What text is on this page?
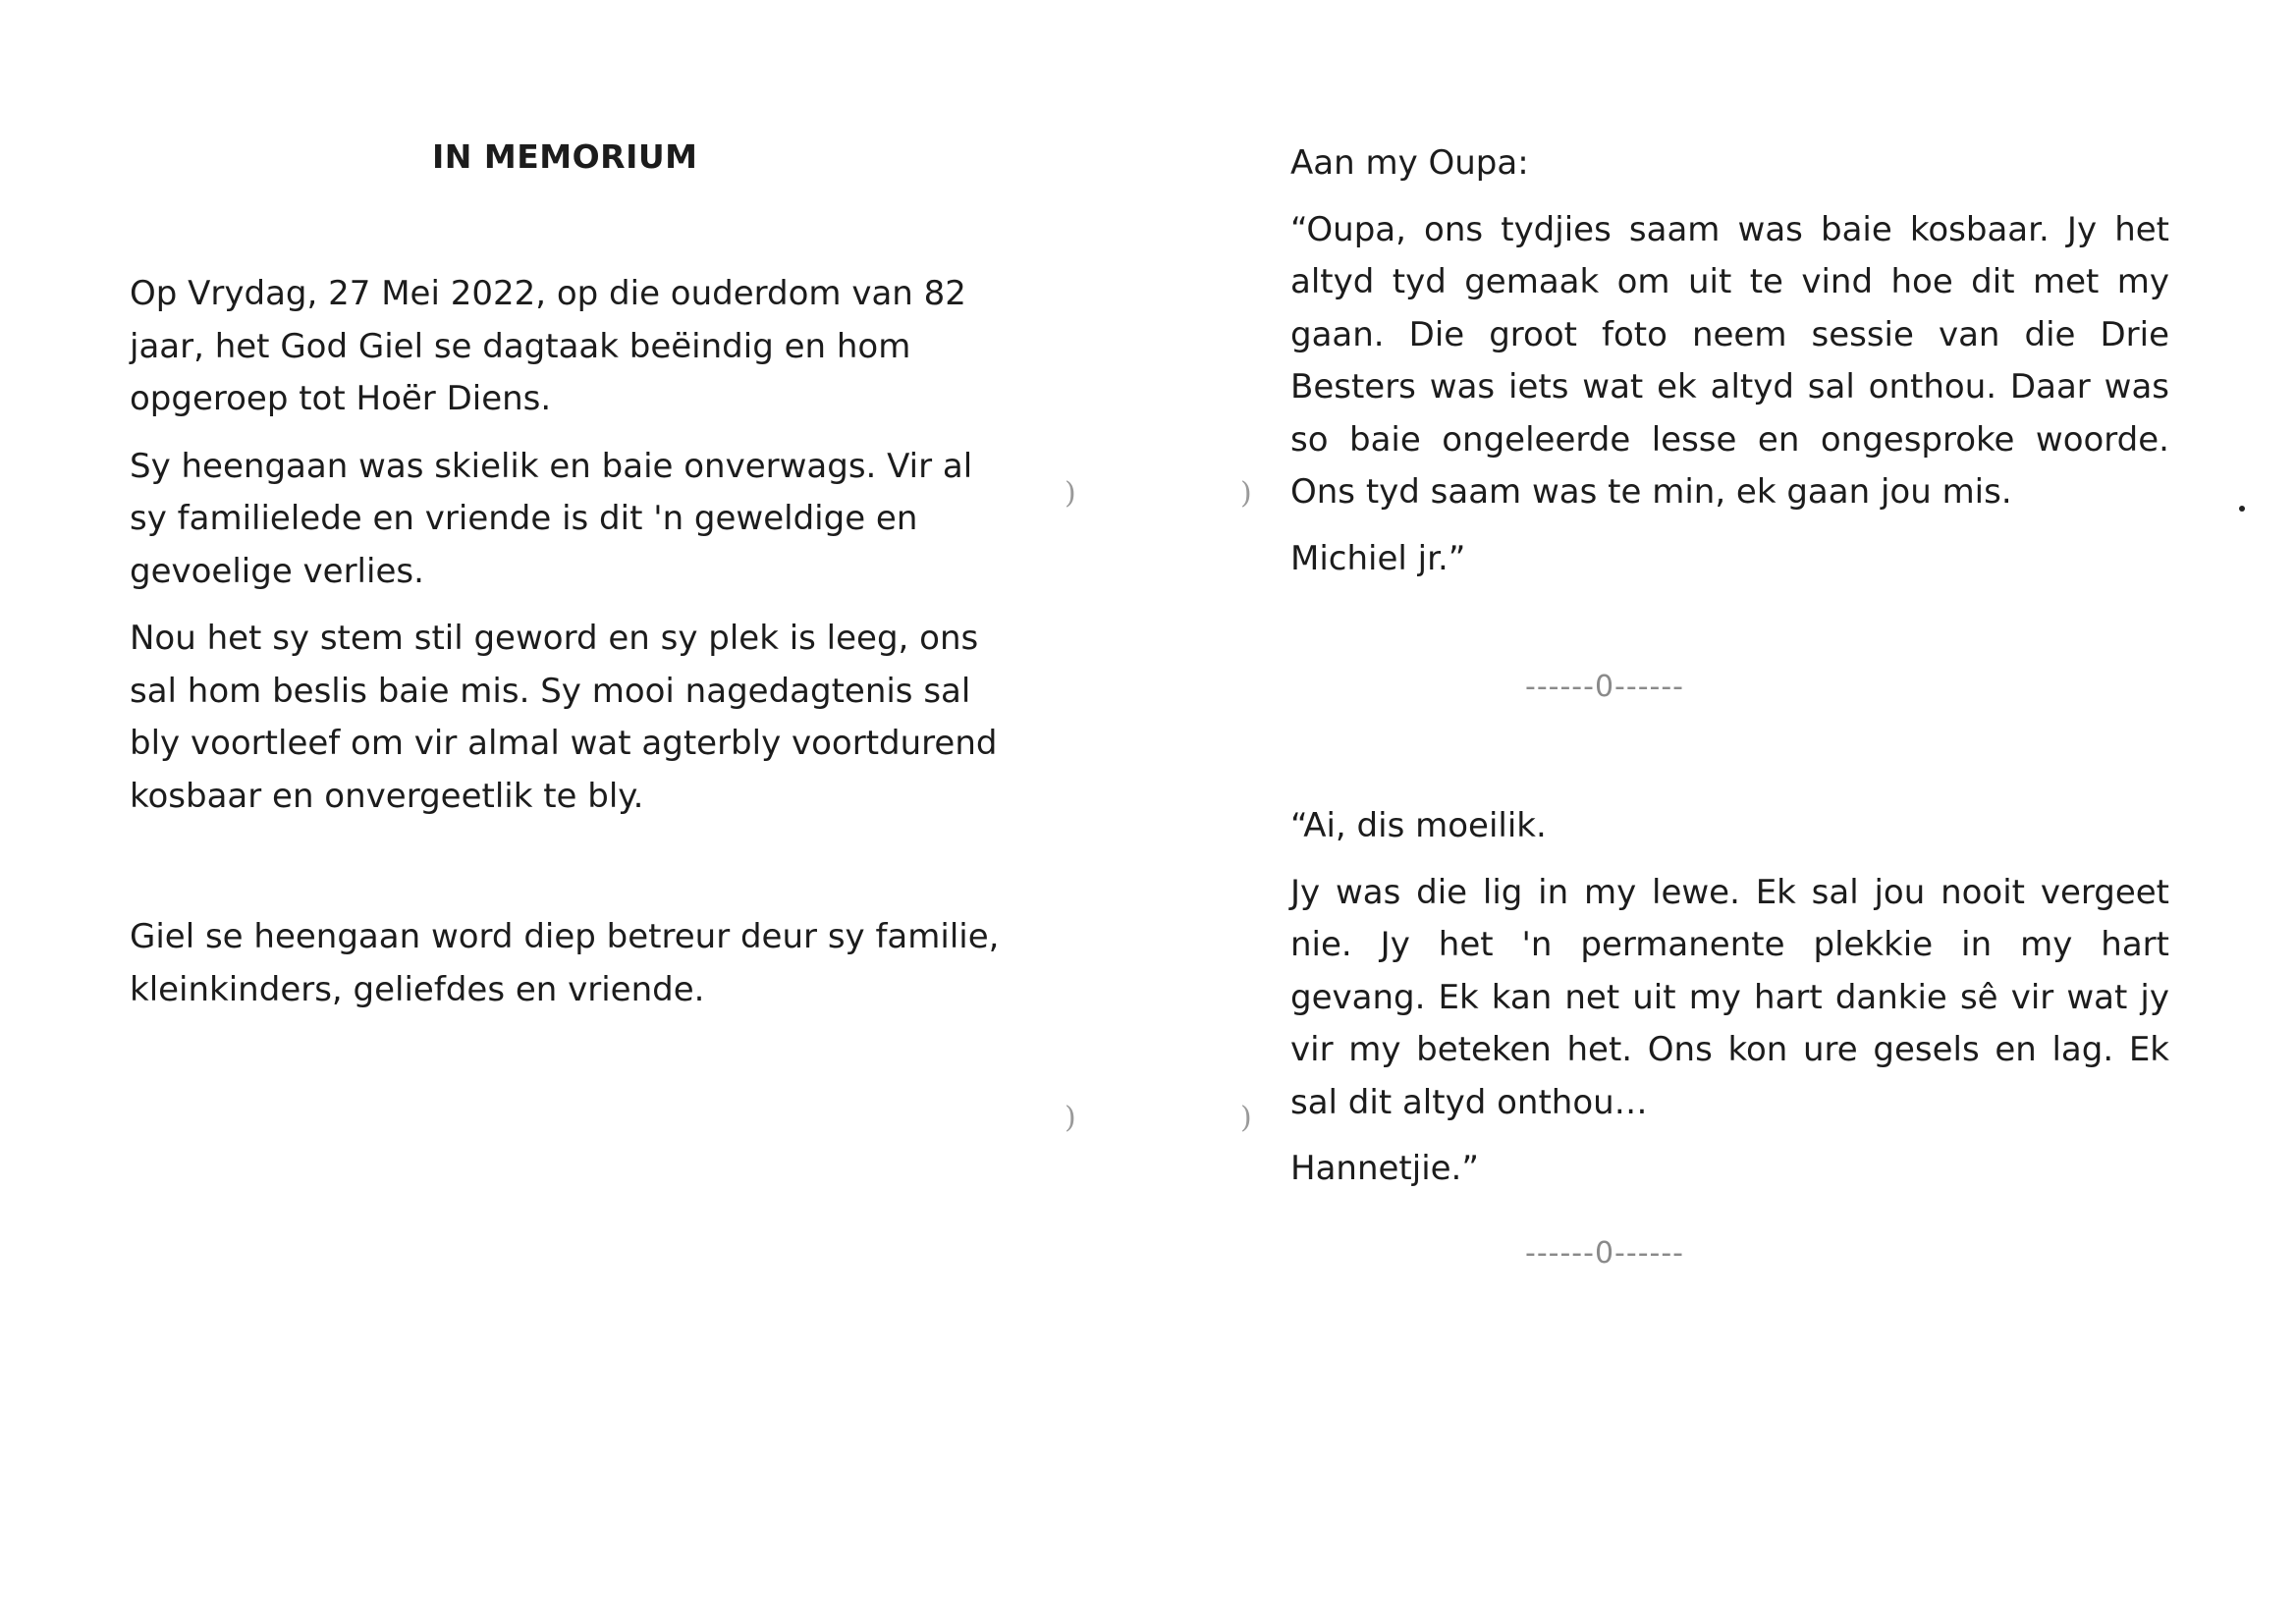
IN MEMORIUM

Op Vrydag, 27 Mei 2022, op die ouderdom van 82 jaar, het God Giel se dagtaak beëindig en hom opgeroep tot Hoër Diens.

Sy heengaan was skielik en baie onverwags. Vir al sy familielede en vriende is dit 'n geweldige en gevoelige verlies.

Nou het sy stem stil geword en sy plek is leeg, ons sal hom beslis baie mis. Sy mooi nagedagtenis sal bly voortleef om vir almal wat agterbly voortdurend kosbaar en onvergeetlik te bly.

Giel se heengaan word diep betreur deur sy familie, kleinkinders, geliefdes en vriende.

Aan my Oupa:

“Oupa, ons tydjies saam was baie kosbaar. Jy het altyd tyd gemaak om uit te vind hoe dit met my gaan. Die groot foto neem sessie van die Drie Besters was iets wat ek altyd sal onthou. Daar was so baie ongeleerde lesse en ongesproke woorde. Ons tyd saam was te min, ek gaan jou mis.

Michiel jr.”

------0------

“Ai, dis moeilik.

Jy was die lig in my lewe. Ek sal jou nooit vergeet nie. Jy het 'n permanente plekkie in my hart gevang. Ek kan net uit my hart dankie sê vir wat jy vir my beteken het. Ons kon ure gesels en lag. Ek sal dit altyd onthou…

Hannetjie.”

------0------
)	)
)	)
